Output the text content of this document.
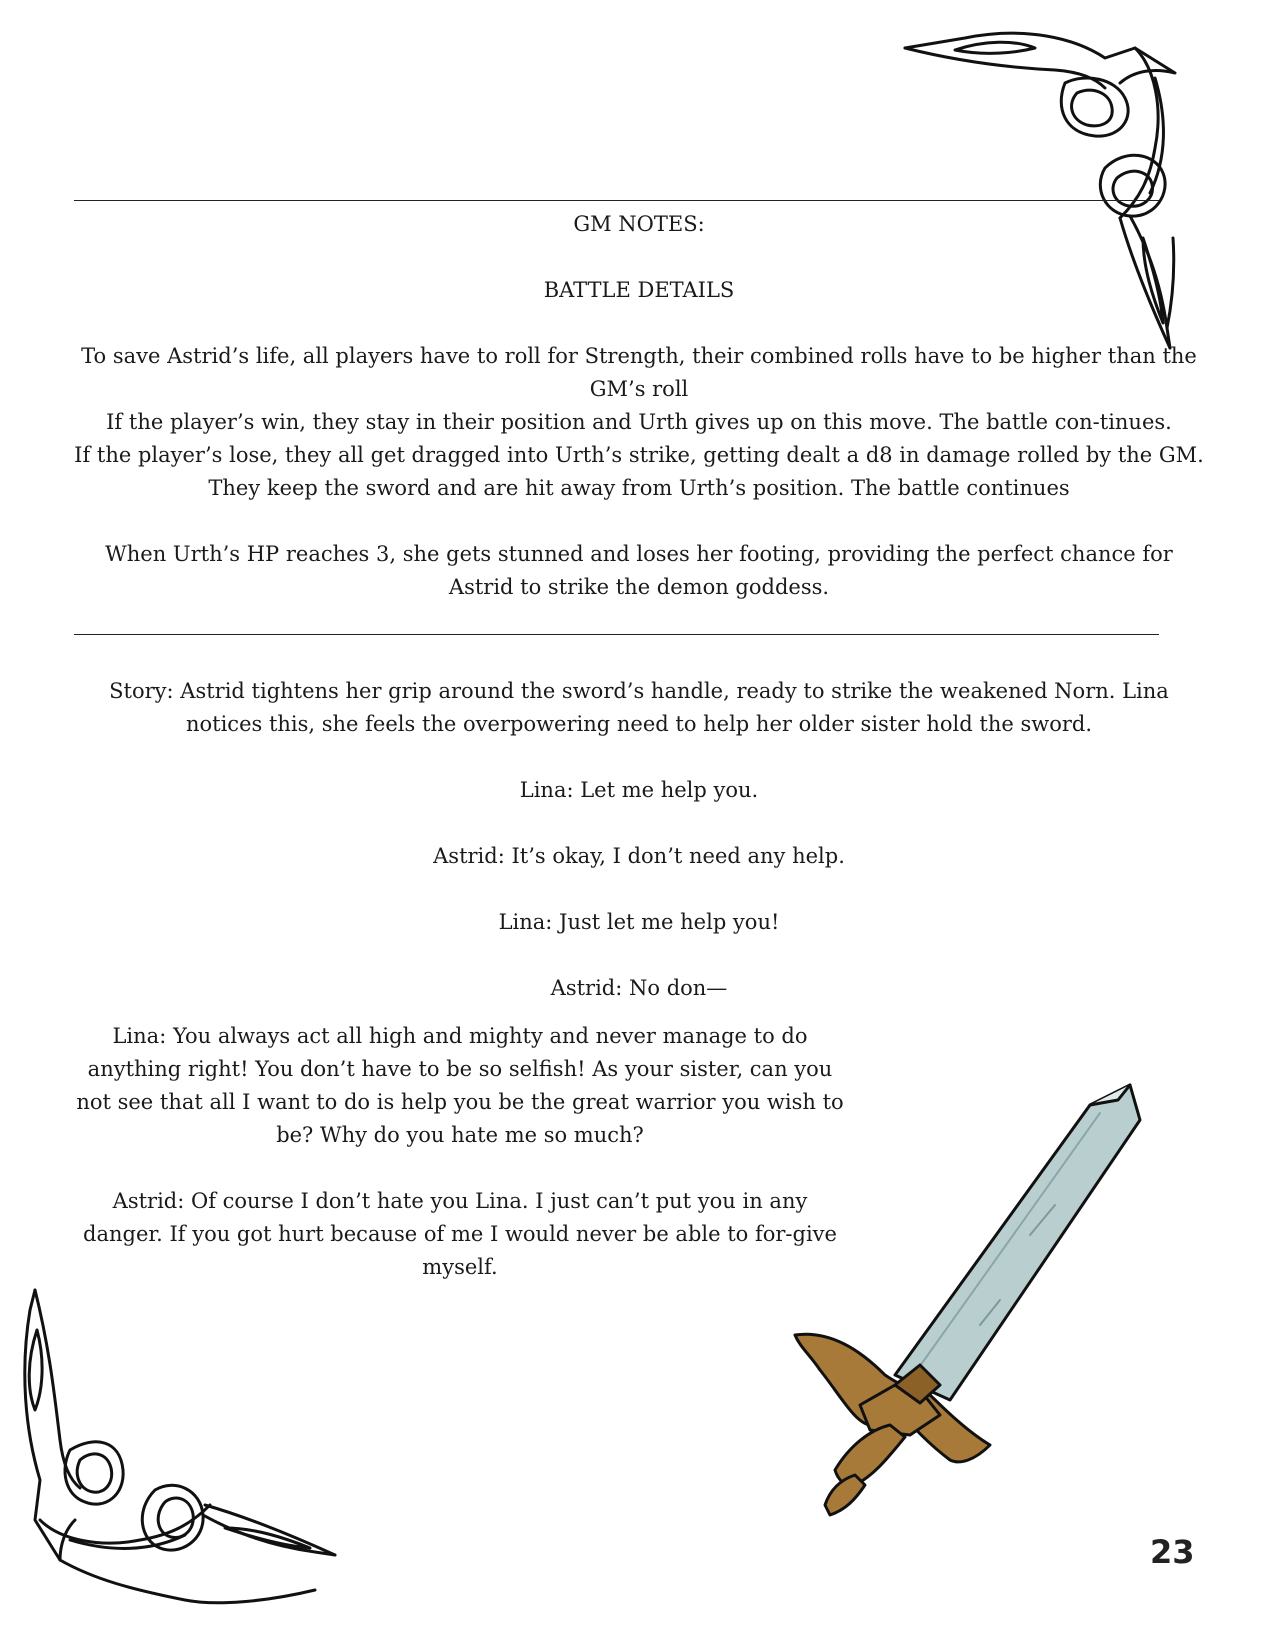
GM NOTES:

BATTLE DETAILS

To save Astrid’s life, all players have to roll for Strength, their combined rolls have to be higher than the GM’s roll

If the player’s win, they stay in their position and Urth gives up on this move. The battle con-tinues.

If the player’s lose, they all get dragged into Urth’s strike, getting dealt a d8 in damage rolled by the GM. They keep the sword and are hit away from Urth’s position. The battle continues

When Urth’s HP reaches 3, she gets stunned and loses her footing, providing the perfect chance for Astrid to strike the demon goddess.

Story: Astrid tightens her grip around the sword’s handle, ready to strike the weakened Norn. Lina notices this, she feels the overpowering need to help her older sister hold the sword.

Lina: Let me help you.

Astrid: It’s okay, I don’t need any help.

Lina: Just let me help you!

Astrid: No don—

Lina: You always act all high and mighty and never manage to do anything right! You don’t have to be so selfish! As your sister, can you not see that all I want to do is help you be the great warrior you wish to be? Why do you hate me so much?

Astrid: Of course I don’t hate you Lina. I just can’t put you in any danger. If you got hurt because of me I would never be able to for-give myself.

23
